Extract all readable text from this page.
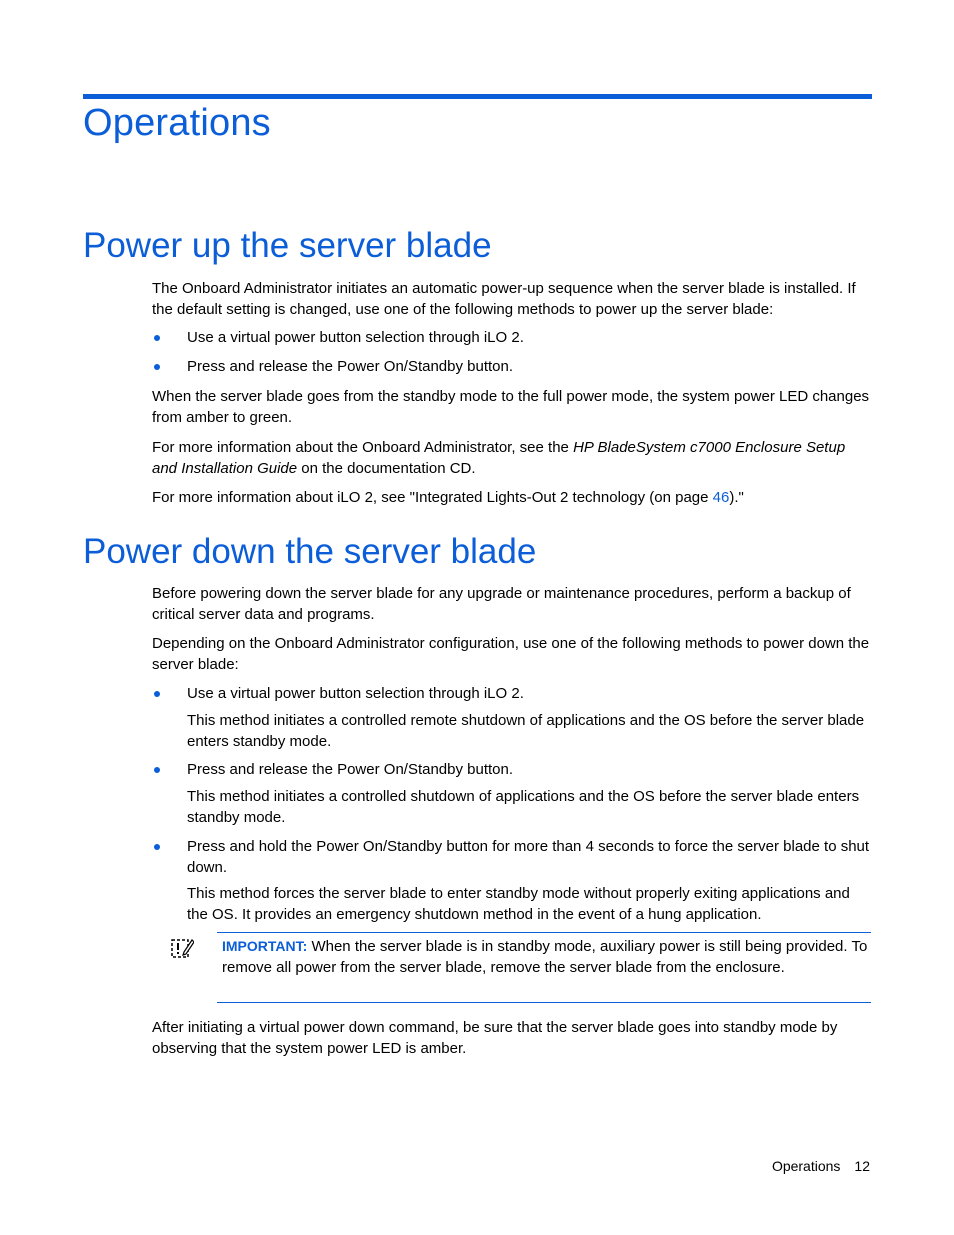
Operations
Power up the server blade

The Onboard Administrator initiates an automatic power-up sequence when the server blade is installed. If the default setting is changed, use one of the following methods to power up the server blade:

Use a virtual power button selection through iLO 2.

Press and release the Power On/Standby button.

When the server blade goes from the standby mode to the full power mode, the system power LED changes from amber to green.

For more information about the Onboard Administrator, see the HP BladeSystem c7000 Enclosure Setup and Installation Guide on the documentation CD.

For more information about iLO 2, see "Integrated Lights-Out 2 technology (on page 46)."

Power down the server blade

Before powering down the server blade for any upgrade or maintenance procedures, perform a backup of critical server data and programs.

Depending on the Onboard Administrator configuration, use one of the following methods to power down the server blade:

Use a virtual power button selection through iLO 2.

This method initiates a controlled remote shutdown of applications and the OS before the server blade enters standby mode.

Press and release the Power On/Standby button.

This method initiates a controlled shutdown of applications and the OS before the server blade enters standby mode.

Press and hold the Power On/Standby button for more than 4 seconds to force the server blade to shut down.

This method forces the server blade to enter standby mode without properly exiting applications and the OS. It provides an emergency shutdown method in the event of a hung application.

IMPORTANT: When the server blade is in standby mode, auxiliary power is still being provided. To remove all power from the server blade, remove the server blade from the enclosure.

After initiating a virtual power down command, be sure that the server blade goes into standby mode by observing that the system power LED is amber.

Operations 12
